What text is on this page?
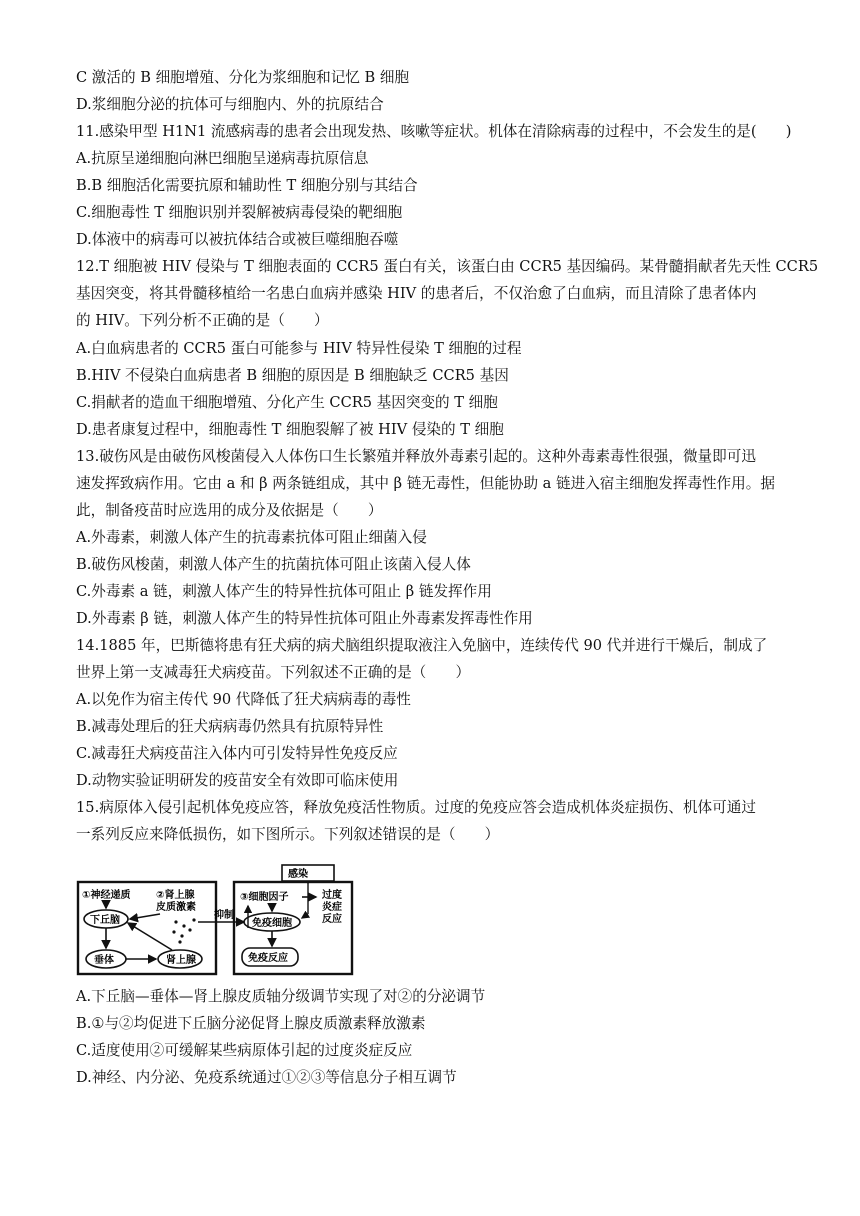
C 激活的 B 细胞增殖、分化为浆细胞和记忆 B 细胞
D.浆细胞分泌的抗体可与细胞内、外的抗原结合
11.感染甲型 H1N1 流感病毒的患者会出现发热、咳嗽等症状。机体在清除病毒的过程中，不会发生的是(　　)
A.抗原呈递细胞向淋巴细胞呈递病毒抗原信息
B.B 细胞活化需要抗原和辅助性 T 细胞分别与其结合
C.细胞毒性 T 细胞识别并裂解被病毒侵染的靶细胞
D.体液中的病毒可以被抗体结合或被巨噬细胞吞噬
12.T 细胞被 HIV 侵染与 T 细胞表面的 CCR5 蛋白有关，该蛋白由 CCR5 基因编码。某骨髓捐献者先天性 CCR5
基因突变，将其骨髓移植给一名患白血病并感染 HIV 的患者后，不仅治愈了白血病，而且清除了患者体内
的 HIV。下列分析不正确的是（　　）
A.白血病患者的 CCR5 蛋白可能参与 HIV 特异性侵染 T 细胞的过程
B.HIV 不侵染白血病患者 B 细胞的原因是 B 细胞缺乏 CCR5 基因
C.捐献者的造血干细胞增殖、分化产生 CCR5 基因突变的 T 细胞
D.患者康复过程中，细胞毒性 T 细胞裂解了被 HIV 侵染的 T 细胞
13.破伤风是由破伤风梭菌侵入人体伤口生长繁殖并释放外毒素引起的。这种外毒素毒性很强，微量即可迅
速发挥致病作用。它由 a 和 β 两条链组成，其中 β 链无毒性，但能协助 a 链进入宿主细胞发挥毒性作用。据
此，制备疫苗时应选用的成分及依据是（　　）
A.外毒素，刺激人体产生的抗毒素抗体可阻止细菌入侵
B.破伤风梭菌，刺激人体产生的抗菌抗体可阻止该菌入侵人体
C.外毒素 a 链，刺激人体产生的特异性抗体可阻止 β 链发挥作用
D.外毒素 β 链，刺激人体产生的特异性抗体可阻止外毒素发挥毒性作用
14.1885 年，巴斯德将患有狂犬病的病犬脑组织提取液注入免脑中，连续传代 90 代并进行干燥后，制成了
世界上第一支减毒狂犬病疫苗。下列叙述不正确的是（　　）
A.以免作为宿主传代 90 代降低了狂犬病病毒的毒性
B.减毒处理后的狂犬病病毒仍然具有抗原特异性
C.减毒狂犬病疫苗注入体内可引发特异性免疫反应
D.动物实验证明研发的疫苗安全有效即可临床使用
15.病原体入侵引起机体免疫应答，释放免疫活性物质。过度的免疫应答会造成机体炎症损伤、机体可通过
一系列反应来降低损伤，如下图所示。下列叙述错误的是（　　）
感染
①神经递质	②肾上腺
皮质激素
下丘脑
垂体	肾上腺
抑制
③细胞因子	过度
炎症
反应
免疫细胞
免疫反应
A.下丘脑—垂体—肾上腺皮质轴分级调节实现了对②的分泌调节
B.①与②均促进下丘脑分泌促肾上腺皮质激素释放激素
C.适度使用②可缓解某些病原体引起的过度炎症反应
D.神经、内分泌、免疫系统通过①②③等信息分子相互调节
